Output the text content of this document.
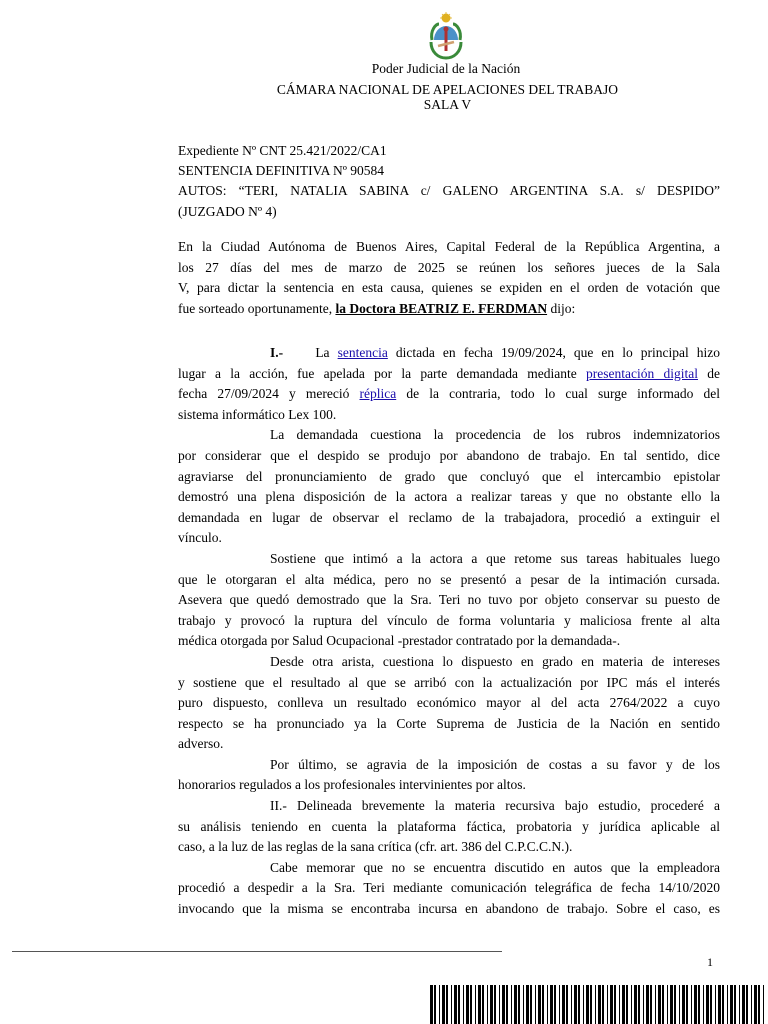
Poder Judicial de la Nación
CÁMARA NACIONAL DE APELACIONES DEL TRABAJO
SALA V
Expediente Nº CNT 25.421/2022/CA1
SENTENCIA DEFINITIVA Nº 90584
AUTOS: “TERI, NATALIA SABINA c/ GALENO ARGENTINA S.A. s/ DESPIDO”
(JUZGADO Nº 4)
En la Ciudad Autónoma de Buenos Aires, Capital Federal de la República Argentina, a
los 27 días del mes de marzo de 2025 se reúnen los señores jueces de la Sala
V, para dictar la sentencia en esta causa, quienes se expiden en el orden de votación que
fue sorteado oportunamente, la Doctora BEATRIZ E. FERDMAN dijo:
I.- La sentencia dictada en fecha 19/09/2024, que en lo principal hizo
lugar a la acción, fue apelada por la parte demandada mediante presentación digital de
fecha 27/09/2024 y mereció réplica de la contraria, todo lo cual surge informado del
sistema informático Lex 100.
La demandada cuestiona la procedencia de los rubros indemnizatorios
por considerar que el despido se produjo por abandono de trabajo. En tal sentido, dice
agraviarse del pronunciamiento de grado que concluyó que el intercambio epistolar
demostró una plena disposición de la actora a realizar tareas y que no obstante ello la
demandada en lugar de observar el reclamo de la trabajadora, procedió a extinguir el
vínculo.
Sostiene que intimó a la actora a que retome sus tareas habituales luego
que le otorgaran el alta médica, pero no se presentó a pesar de la intimación cursada.
Asevera que quedó demostrado que la Sra. Teri no tuvo por objeto conservar su puesto de
trabajo y provocó la ruptura del vínculo de forma voluntaria y maliciosa frente al alta
médica otorgada por Salud Ocupacional -prestador contratado por la demandada-.
Desde otra arista, cuestiona lo dispuesto en grado en materia de intereses
y sostiene que el resultado al que se arribó con la actualización por IPC más el interés
puro dispuesto, conlleva un resultado económico mayor al del acta 2764/2022 a cuyo
respecto se ha pronunciado ya la Corte Suprema de Justicia de la Nación en sentido
adverso.
Por último, se agravia de la imposición de costas a su favor y de los
honorarios regulados a los profesionales intervinientes por altos.
II.- Delineada brevemente la materia recursiva bajo estudio, procederé a
su análisis teniendo en cuenta la plataforma fáctica, probatoria y jurídica aplicable al
caso, a la luz de las reglas de la sana crítica (cfr. art. 386 del C.P.C.C.N.).
Cabe memorar que no se encuentra discutido en autos que la empleadora
procedió a despedir a la Sra. Teri mediante comunicación telegráfica de fecha 14/10/2020
invocando que la misma se encontraba incursa en abandono de trabajo. Sobre el caso, es
1
